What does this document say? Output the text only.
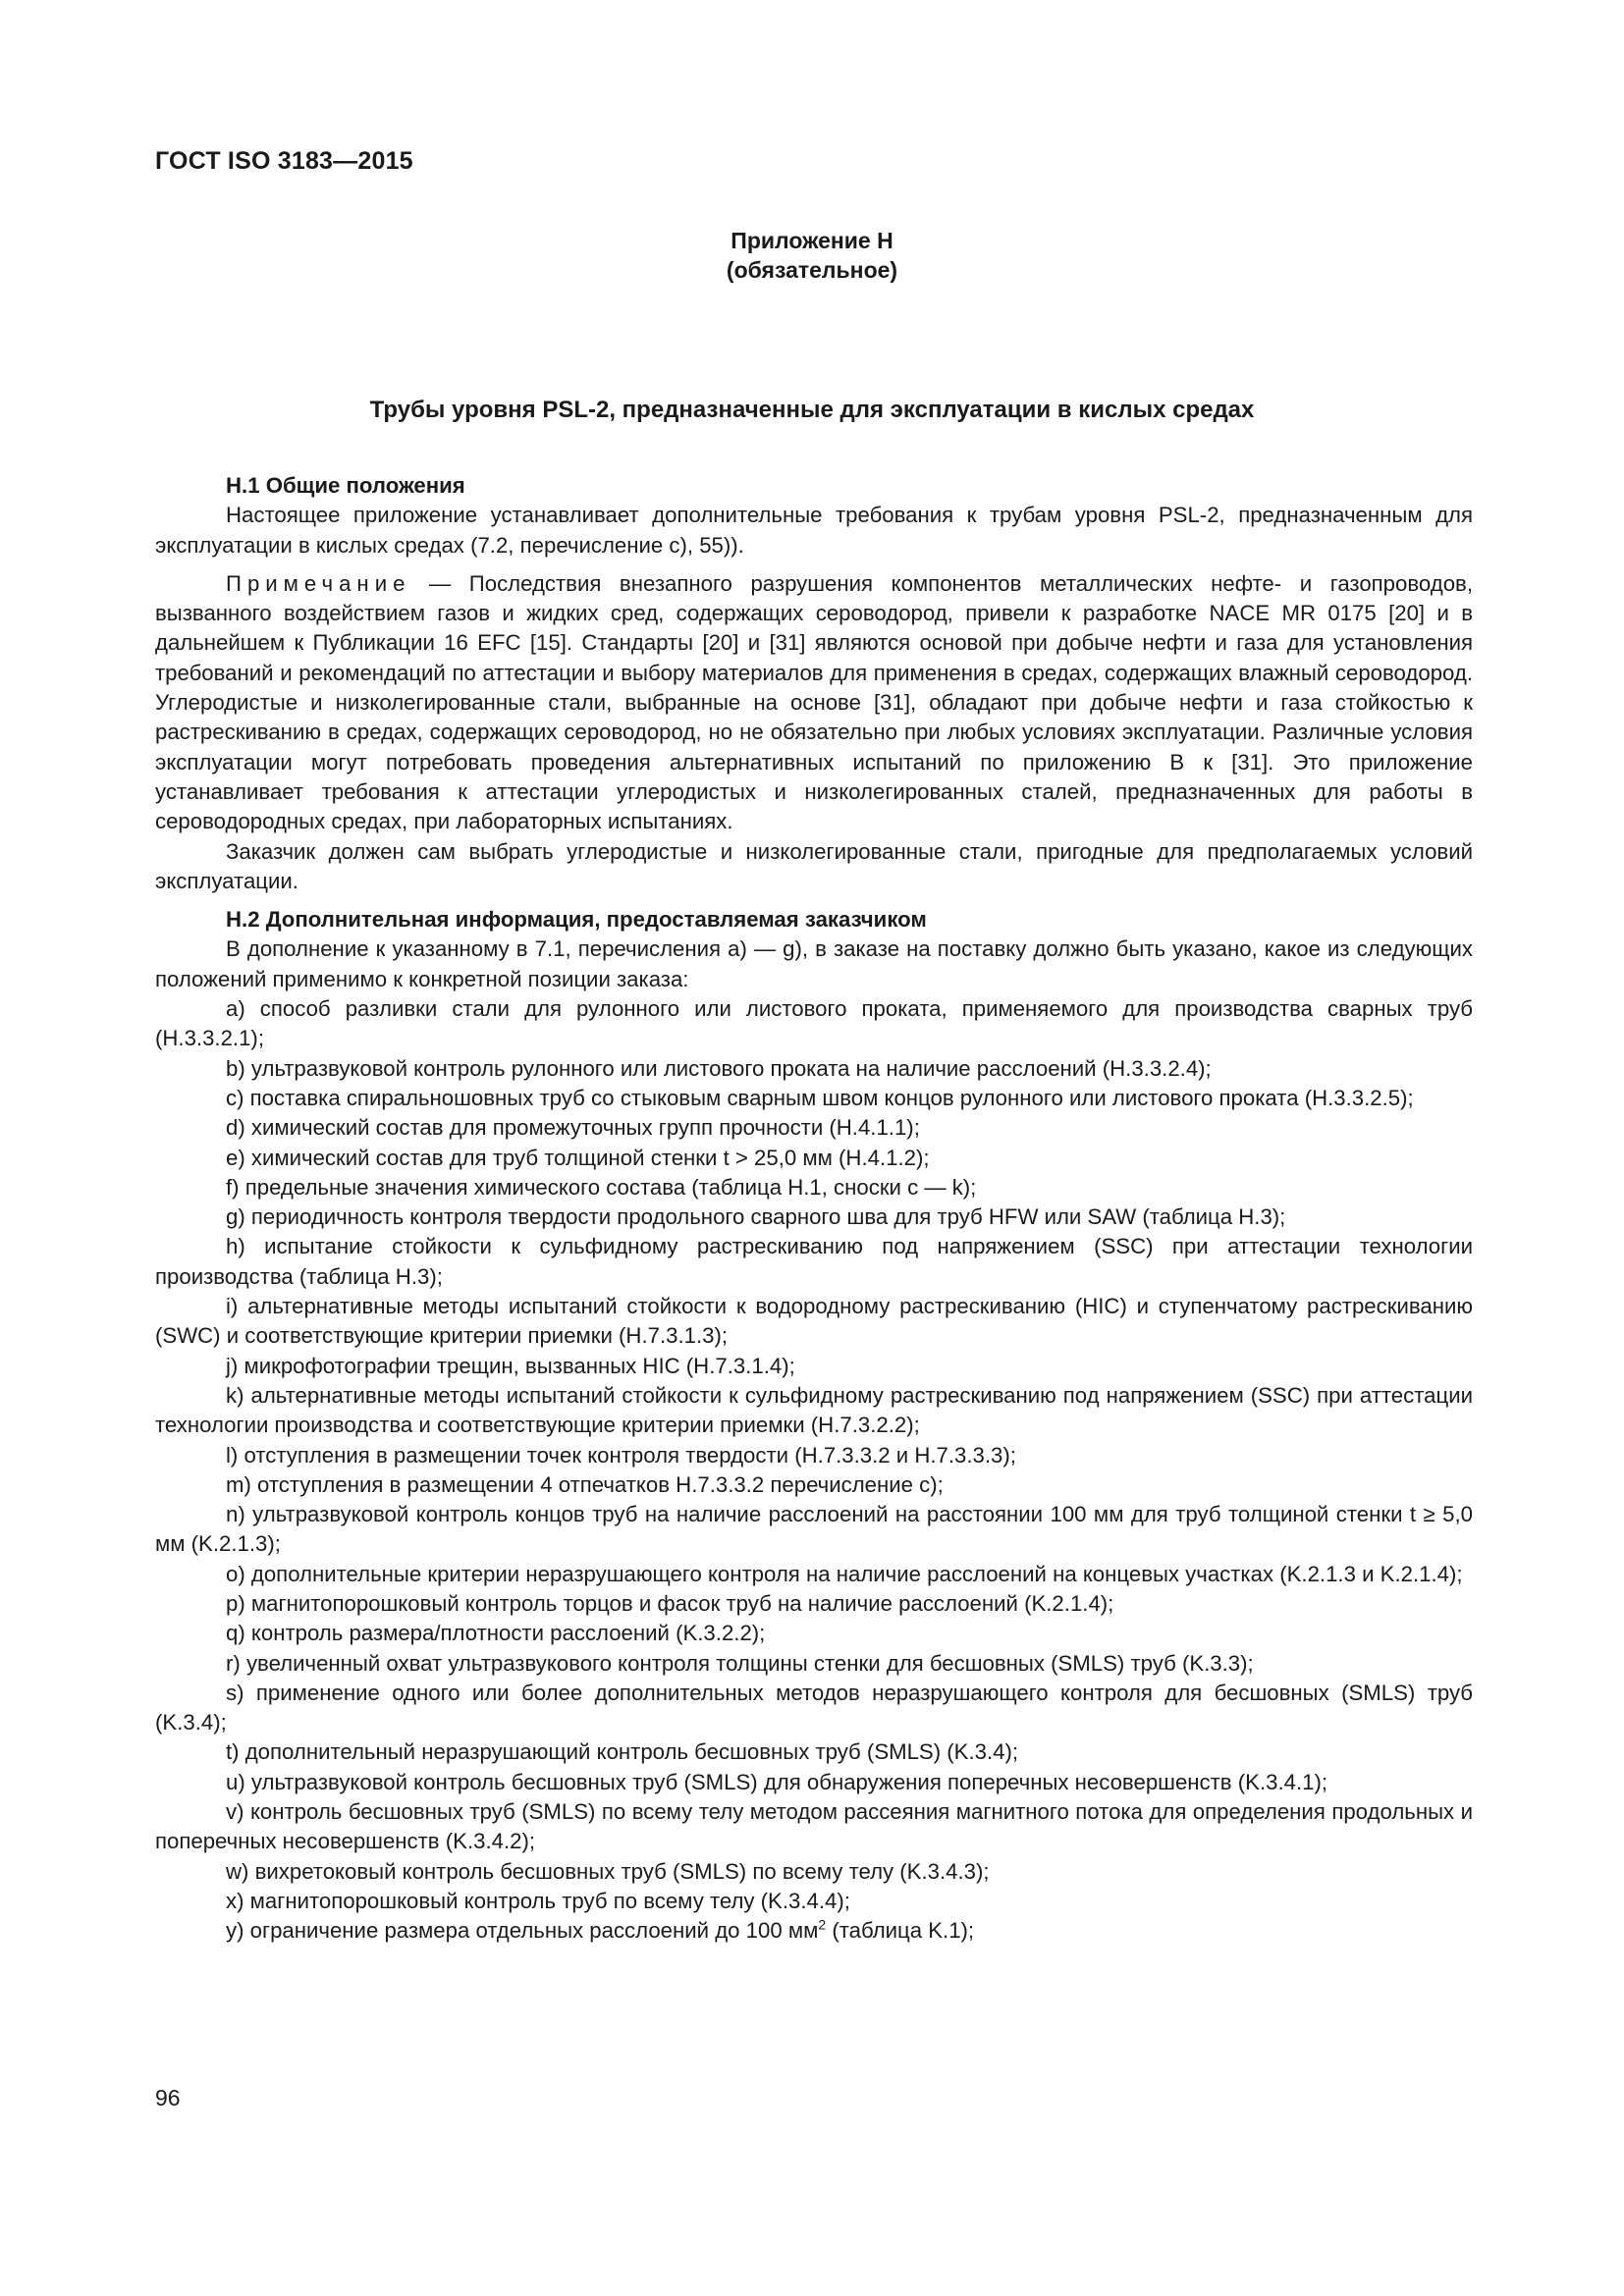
ГОСТ ISO 3183—2015
Приложение H
(обязательное)
Трубы уровня PSL-2, предназначенные для эксплуатации в кислых средах
H.1 Общие положения

Настоящее приложение устанавливает дополнительные требования к трубам уровня PSL-2, предназначенным для эксплуатации в кислых средах (7.2, перечисление с), 55)).

Примечание — Последствия внезапного разрушения компонентов металлических нефте- и газопроводов, вызванного воздействием газов и жидких сред, содержащих сероводород, привели к разработке NACE MR 0175 [20] и в дальнейшем к Публикации 16 EFC [15]. Стандарты [20] и [31] являются основой при добыче нефти и газа для установления требований и рекомендаций по аттестации и выбору материалов для применения в средах, содержащих влажный сероводород. Углеродистые и низколегированные стали, выбранные на основе [31], обладают при добыче нефти и газа стойкостью к растрескиванию в средах, содержащих сероводород, но не обязательно при любых условиях эксплуатации. Различные условия эксплуатации могут потребовать проведения альтернативных испытаний по приложению В к [31]. Это приложение устанавливает требования к аттестации углеродистых и низколегированных сталей, предназначенных для работы в сероводородных средах, при лабораторных испытаниях.

Заказчик должен сам выбрать углеродистые и низколегированные стали, пригодные для предполагаемых условий эксплуатации.

H.2 Дополнительная информация, предоставляемая заказчиком

В дополнение к указанному в 7.1, перечисления a) — g), в заказе на поставку должно быть указано, какое из следующих положений применимо к конкретной позиции заказа:

a) способ разливки стали для рулонного или листового проката, применяемого для производства сварных труб (H.3.3.2.1);

b) ультразвуковой контроль рулонного или листового проката на наличие расслоений (H.3.3.2.4);

c) поставка спиральношовных труб со стыковым сварным швом концов рулонного или листового проката (H.3.3.2.5);

d) химический состав для промежуточных групп прочности (H.4.1.1);

e) химический состав для труб толщиной стенки t > 25,0 мм (H.4.1.2);

f) предельные значения химического состава (таблица H.1, сноски с — k);

g) периодичность контроля твердости продольного сварного шва для труб HFW или SAW (таблица H.3);

h) испытание стойкости к сульфидному растрескиванию под напряжением (SSC) при аттестации технологии производства (таблица H.3);

i) альтернативные методы испытаний стойкости к водородному растрескиванию (HIC) и ступенчатому растрескиванию (SWC) и соответствующие критерии приемки (H.7.3.1.3);

j) микрофотографии трещин, вызванных HIC (H.7.3.1.4);

k) альтернативные методы испытаний стойкости к сульфидному растрескиванию под напряжением (SSC) при аттестации технологии производства и соответствующие критерии приемки (H.7.3.2.2);

l) отступления в размещении точек контроля твердости (H.7.3.3.2 и H.7.3.3.3);

m) отступления в размещении 4 отпечатков H.7.3.3.2 перечисление с);

n) ультразвуковой контроль концов труб на наличие расслоений на расстоянии 100 мм для труб толщиной стенки t ≥ 5,0 мм (K.2.1.3);

o) дополнительные критерии неразрушающего контроля на наличие расслоений на концевых участках (K.2.1.3 и K.2.1.4);

p) магнитопорошковый контроль торцов и фасок труб на наличие расслоений (K.2.1.4);

q) контроль размера/плотности расслоений (K.3.2.2);

r) увеличенный охват ультразвукового контроля толщины стенки для бесшовных (SMLS) труб (K.3.3);

s) применение одного или более дополнительных методов неразрушающего контроля для бесшовных (SMLS) труб (K.3.4);

t) дополнительный неразрушающий контроль бесшовных труб (SMLS) (K.3.4);

u) ультразвуковой контроль бесшовных труб (SMLS) для обнаружения поперечных несовершенств (K.3.4.1);

v) контроль бесшовных труб (SMLS) по всему телу методом рассеяния магнитного потока для определения продольных и поперечных несовершенств (K.3.4.2);

w) вихретоковый контроль бесшовных труб (SMLS) по всему телу (K.3.4.3);

x) магнитопорошковый контроль труб по всему телу (K.3.4.4);

y) ограничение размера отдельных расслоений до 100 $мм^2$ (таблица K.1);

96
